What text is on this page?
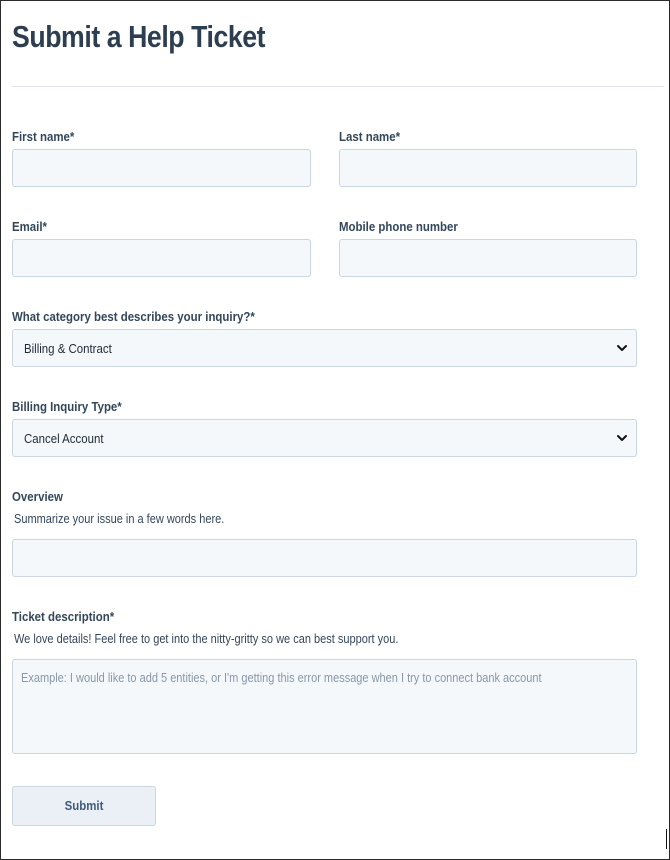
Submit a Help Ticket
First name*	Last name*
Email*	Mobile phone number
What category best describes your inquiry?*
Billing & Contract
Billing Inquiry Type*
Cancel Account
Overview
Summarize your issue in a few words here.
Ticket description*
We love details! Feel free to get into the nitty-gritty so we can best support you.
Example: I would like to add 5 entities, or I'm getting this error message when I try to connect bank account
Submit
